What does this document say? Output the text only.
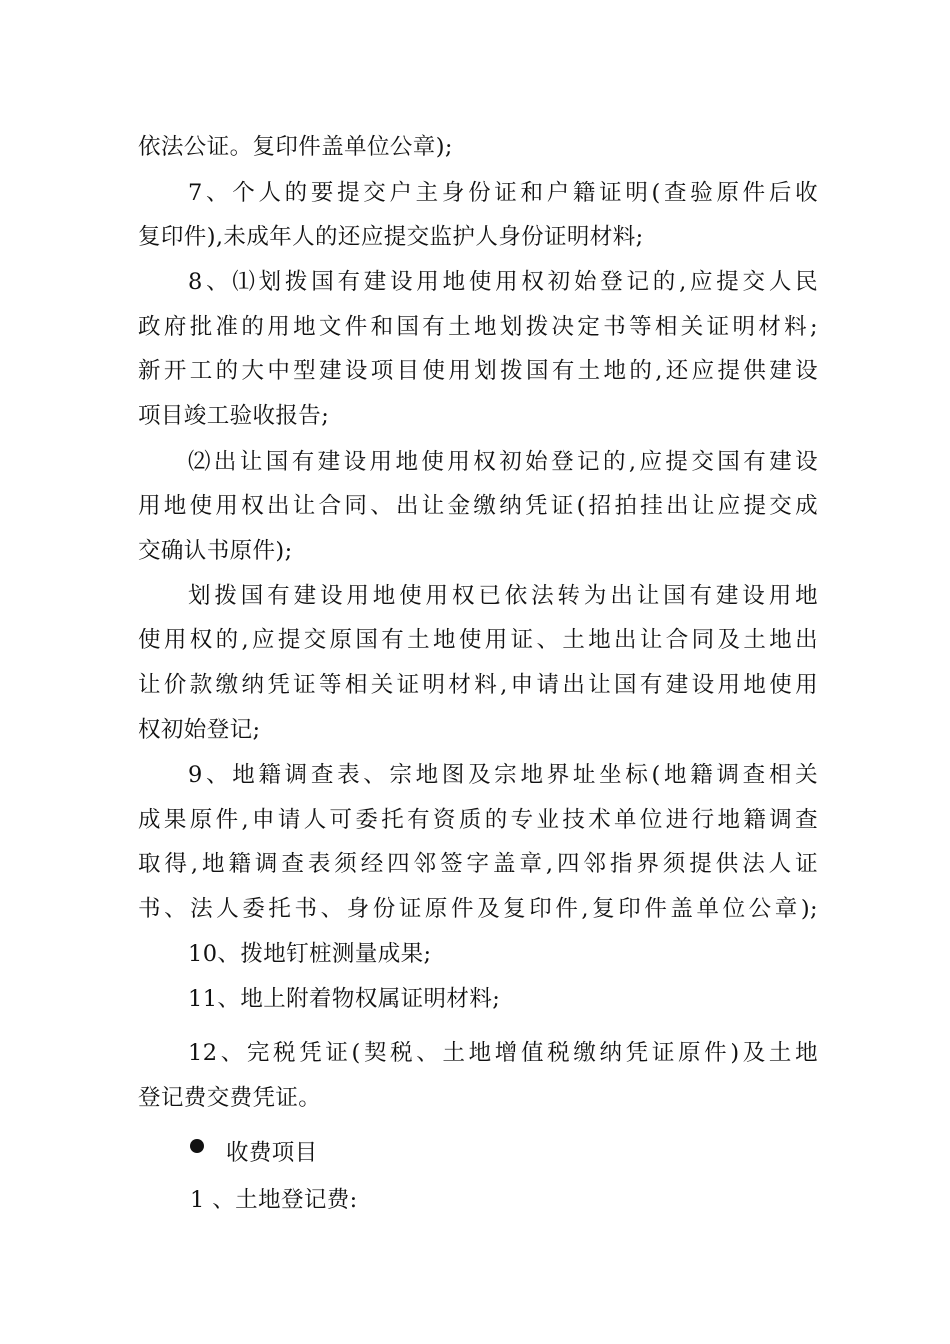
依法公证。复印件盖单位公章);
7、个人的要提交户主身份证和户籍证明(查验原件后收
复印件),未成年人的还应提交监护人身份证明材料;
8、⑴划拨国有建设用地使用权初始登记的,应提交人民
政府批准的用地文件和国有土地划拨决定书等相关证明材料;
新开工的大中型建设项目使用划拨国有土地的,还应提供建设
项目竣工验收报告;
⑵出让国有建设用地使用权初始登记的,应提交国有建设
用地使用权出让合同、出让金缴纳凭证(招拍挂出让应提交成
交确认书原件);
划拨国有建设用地使用权已依法转为出让国有建设用地
使用权的,应提交原国有土地使用证、土地出让合同及土地出
让价款缴纳凭证等相关证明材料,申请出让国有建设用地使用
权初始登记;
9、地籍调查表、宗地图及宗地界址坐标(地籍调查相关
成果原件,申请人可委托有资质的专业技术单位进行地籍调查
取得,地籍调查表须经四邻签字盖章,四邻指界须提供法人证
书、法人委托书、身份证原件及复印件,复印件盖单位公章);
10、拨地钉桩测量成果;
11、地上附着物权属证明材料;
12、完税凭证(契税、土地增值税缴纳凭证原件)及土地
登记费交费凭证。
收费项目
1 、土地登记费:
